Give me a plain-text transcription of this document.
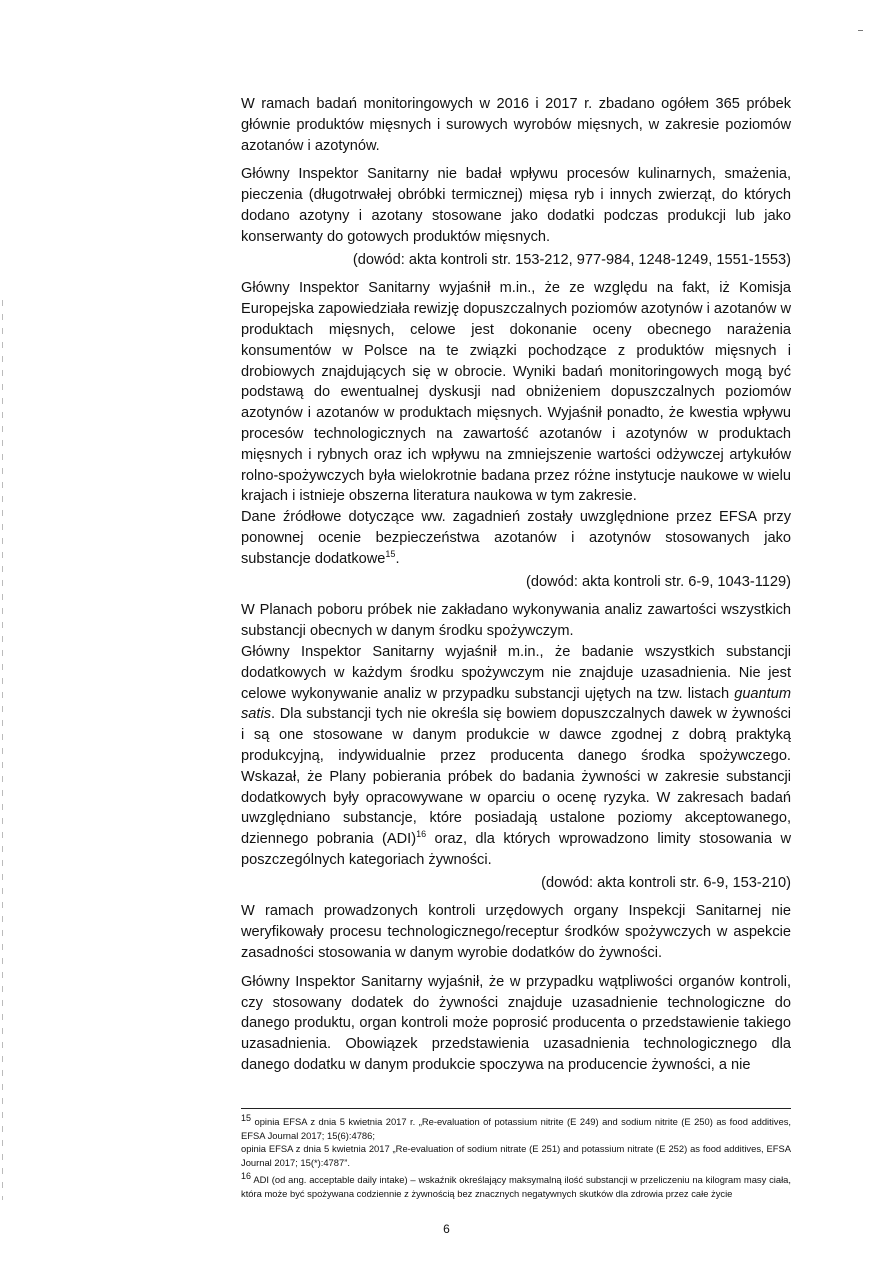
W ramach badań monitoringowych w 2016 i 2017 r. zbadano ogółem 365 próbek głównie produktów mięsnych i surowych wyrobów mięsnych, w zakresie poziomów azotanów i azotynów.

Główny Inspektor Sanitarny nie badał wpływu procesów kulinarnych, smażenia, pieczenia (długotrwałej obróbki termicznej) mięsa ryb i innych zwierząt, do których dodano azotyny i azotany stosowane jako dodatki podczas produkcji lub jako konserwanty do gotowych produktów mięsnych.

(dowód: akta kontroli str. 153-212, 977-984, 1248-1249, 1551-1553)

Główny Inspektor Sanitarny wyjaśnił m.in., że ze względu na fakt, iż Komisja Europejska zapowiedziała rewizję dopuszczalnych poziomów azotynów i azotanów w produktach mięsnych, celowe jest dokonanie oceny obecnego narażenia konsumentów w Polsce na te związki pochodzące z produktów mięsnych i drobiowych znajdujących się w obrocie. Wyniki badań monitoringowych mogą być podstawą do ewentualnej dyskusji nad obniżeniem dopuszczalnych poziomów azotynów i azotanów w produktach mięsnych. Wyjaśnił ponadto, że kwestia wpływu procesów technologicznych na zawartość azotanów i azotynów w produktach mięsnych i rybnych oraz ich wpływu na zmniejszenie wartości odżywczej artykułów rolno-spożywczych była wielokrotnie badana przez różne instytucje naukowe w wielu krajach i istnieje obszerna literatura naukowa w tym zakresie.

Dane źródłowe dotyczące ww. zagadnień zostały uwzględnione przez EFSA przy ponownej ocenie bezpieczeństwa azotanów i azotynów stosowanych jako substancje dodatkowe$^{15}$.

(dowód: akta kontroli str. 6-9, 1043-1129)

W Planach poboru próbek nie zakładano wykonywania analiz zawartości wszystkich substancji obecnych w danym środku spożywczym.

Główny Inspektor Sanitarny wyjaśnił m.in., że badanie wszystkich substancji dodatkowych w każdym środku spożywczym nie znajduje uzasadnienia. Nie jest celowe wykonywanie analiz w przypadku substancji ujętych na tzw. listach guantum satis. Dla substancji tych nie określa się bowiem dopuszczalnych dawek w żywności i są one stosowane w danym produkcie w dawce zgodnej z dobrą praktyką produkcyjną, indywidualnie przez producenta danego środka spożywczego. Wskazał, że Plany pobierania próbek do badania żywności w zakresie substancji dodatkowych były opracowywane w oparciu o ocenę ryzyka. W zakresach badań uwzględniano substancje, które posiadają ustalone poziomy akceptowanego, dziennego pobrania (ADI)$^{16}$ oraz, dla których wprowadzono limity stosowania w poszczególnych kategoriach żywności.

(dowód: akta kontroli str. 6-9, 153-210)

W ramach prowadzonych kontroli urzędowych organy Inspekcji Sanitarnej nie weryfikowały procesu technologicznego/receptur środków spożywczych w aspekcie zasadności stosowania w danym wyrobie dodatków do żywności.

Główny Inspektor Sanitarny wyjaśnił, że w przypadku wątpliwości organów kontroli, czy stosowany dodatek do żywności znajduje uzasadnienie technologiczne do danego produktu, organ kontroli może poprosić producenta o przedstawienie takiego uzasadnienia. Obowiązek przedstawienia uzasadnienia technologicznego dla danego dodatku w danym produkcie spoczywa na producencie żywności, a nie

$^{15}$ opinia EFSA z dnia 5 kwietnia 2017 r. „Re-evaluation of potassium nitrite (E 249) and sodium nitrite (E 250) as food additives, EFSA Journal 2017; 15(6):4786;

opinia EFSA z dnia 5 kwietnia 2017 „Re-evaluation of sodium nitrate (E 251) and potassium nitrate (E 252) as food additives, EFSA Journal 2017; 15(*):4787”.

$^{16}$ ADI (od ang. acceptable daily intake) – wskaźnik określający maksymalną ilość substancji w przeliczeniu na kilogram masy ciała, która może być spożywana codziennie z żywnością bez znacznych negatywnych skutków dla zdrowia przez całe życie

6
